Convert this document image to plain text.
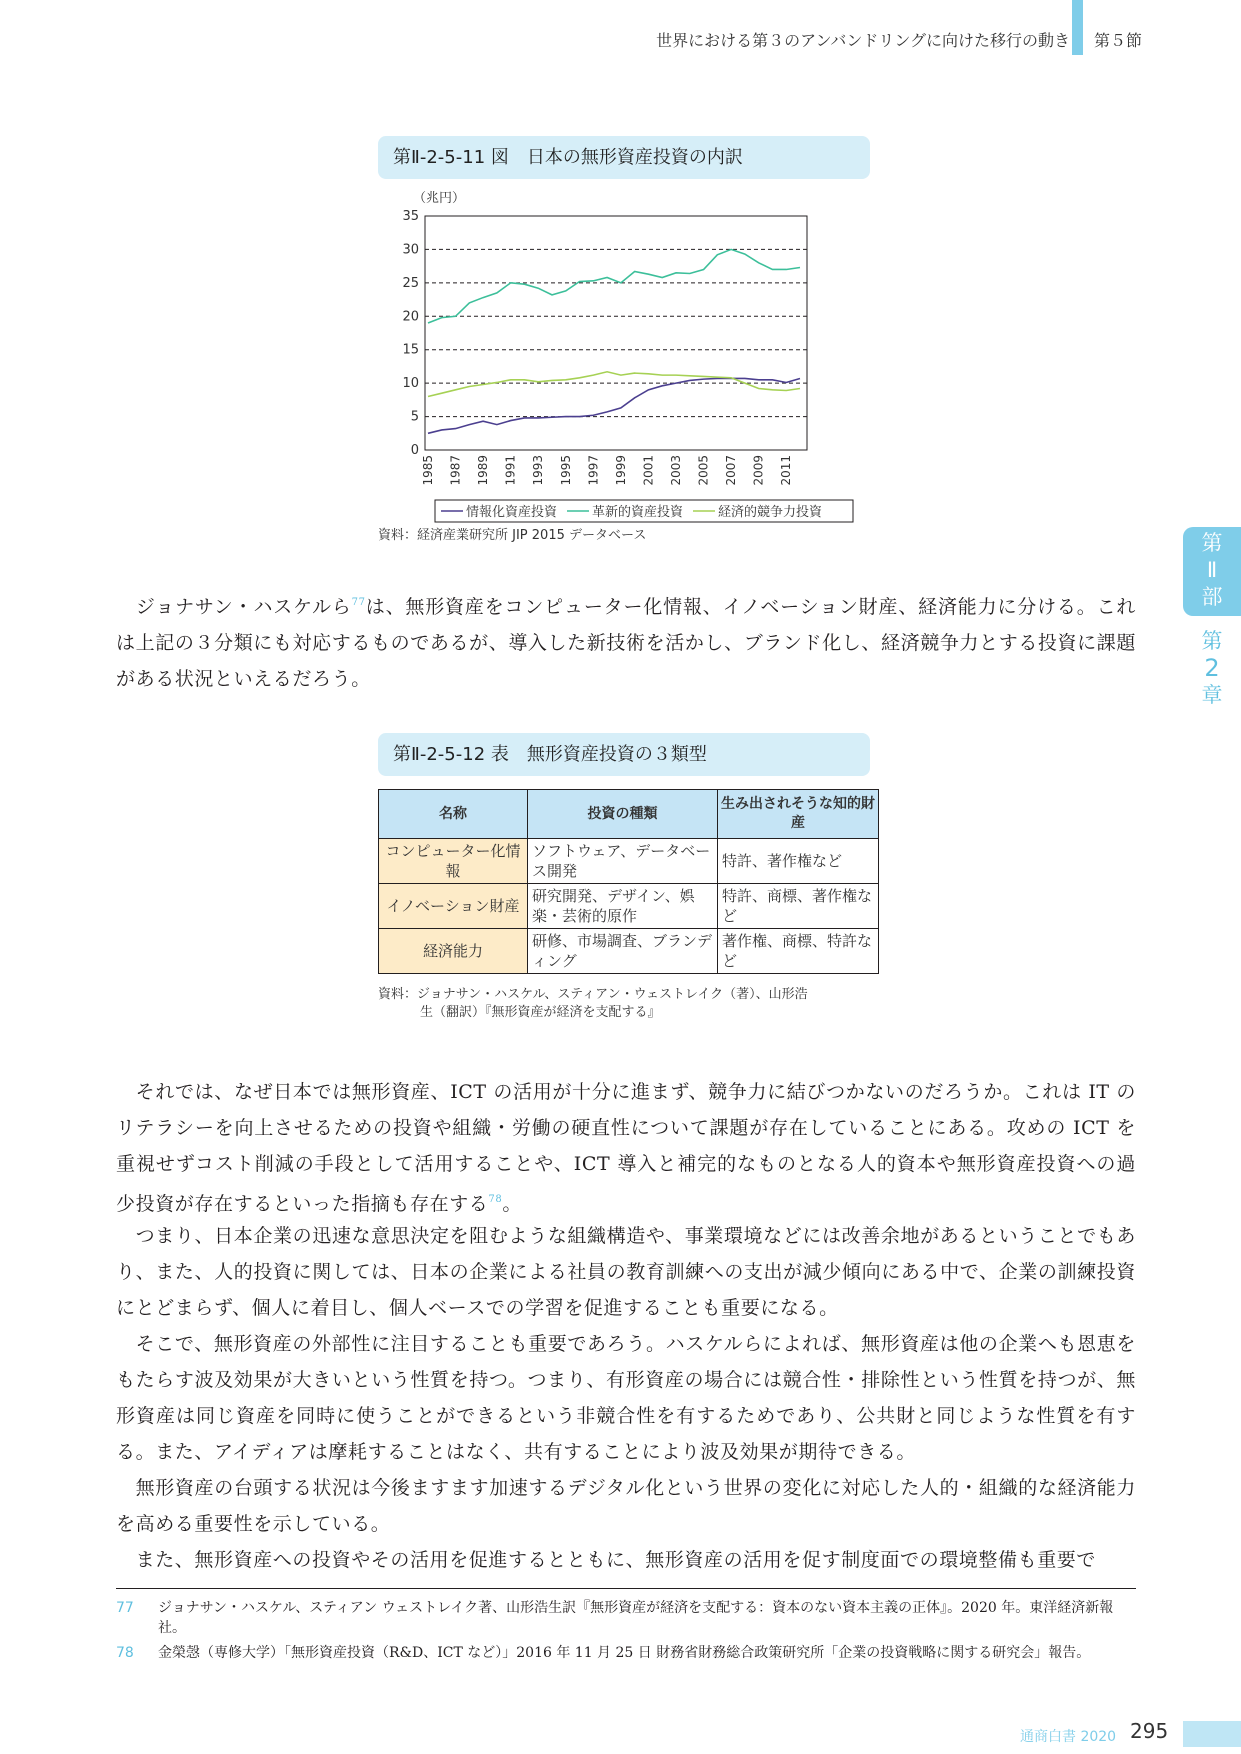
世界における第３のアンバンドリングに向けた移行の動き 第５節
第
Ⅱ
部
第
2
章
第Ⅱ-2-5-11 図　日本の無形資産投資の内訳
（兆円）
0
5
10
15
20
25
30
35
1985 1987 1989 1991 1993 1995 1997 1999 2001 2003 2005 2007 2009 2011
情報化資産投資	革新的資産投資	経済的競争力投資
資料：経済産業研究所 JIP 2015 データベース
 ジョナサン・ハスケルら$^{77}$は、無形資産をコンピューター化情報、イノベーション財産、経済能力に分ける。これは上記の３分類にも対応するものであるが、導入した新技術を活かし、ブランド化し、経済競争力とする投資に課題がある状況といえるだろう。
第Ⅱ-2-5-12 表　無形資産投資の３類型
名称	投資の種類	生み出されそうな知的財産
コンピューター化情報	ソフトウェア、データベース開発	特許、著作権など
イノベーション財産	研究開発、デザイン、娯楽・芸術的原作	特許、商標、著作権など
経済能力	研修、市場調査、ブランディング	著作権、商標、特許など
資料：ジョナサン・ハスケル、スティアン・ウェストレイク（著）、山形浩
生（翻訳）『無形資産が経済を支配する』
 それでは、なぜ日本では無形資産、ICT の活用が十分に進まず、競争力に結びつかないのだろうか。これは IT のリテラシーを向上させるための投資や組織・労働の硬直性について課題が存在していることにある。攻めの ICT を重視せずコスト削減の手段として活用することや、ICT 導入と補完的なものとなる人的資本や無形資産投資への過少投資が存在するといった指摘も存在する$^{78}$。
 つまり、日本企業の迅速な意思決定を阻むような組織構造や、事業環境などには改善余地があるということでもあり、また、人的投資に関しては、日本の企業による社員の教育訓練への支出が減少傾向にある中で、企業の訓練投資にとどまらず、個人に着目し、個人ベースでの学習を促進することも重要になる。
 そこで、無形資産の外部性に注目することも重要であろう。ハスケルらによれば、無形資産は他の企業へも恩恵をもたらす波及効果が大きいという性質を持つ。つまり、有形資産の場合には競合性・排除性という性質を持つが、無形資産は同じ資産を同時に使うことができるという非競合性を有するためであり、公共財と同じような性質を有する。また、アイディアは摩耗することはなく、共有することにより波及効果が期待できる。
 無形資産の台頭する状況は今後ますます加速するデジタル化という世界の変化に対応した人的・組織的な経済能力を高める重要性を示している。
 また、無形資産への投資やその活用を促進するとともに、無形資産の活用を促す制度面での環境整備も重要で
77 ジョナサン・ハスケル、スティアン ウェストレイク著、山形浩生訳『無形資産が経済を支配する：資本のない資本主義の正体』。2020 年。東洋経済新報社。
78 金榮愨（専修大学）「無形資産投資（R&D、ICT など）」2016 年 11 月 25 日 財務省財務総合政策研究所「企業の投資戦略に関する研究会」報告。
通商白書 2020 295
